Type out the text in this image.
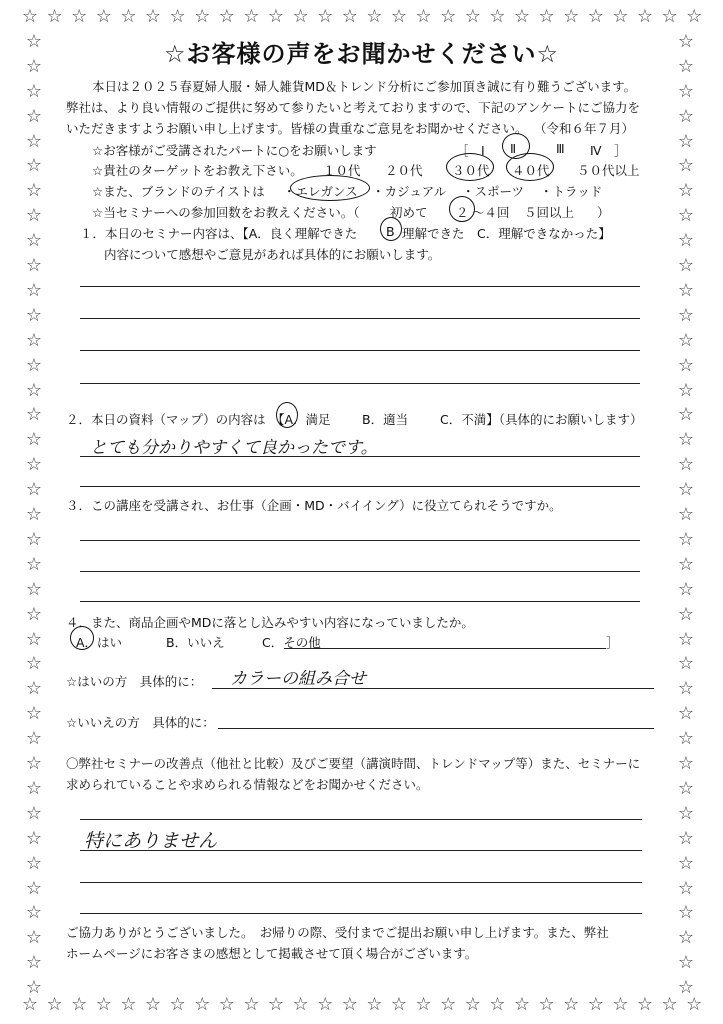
☆
☆
☆
☆
☆
☆
☆
☆
☆
☆
☆
☆
☆
☆
☆
☆
☆
☆
☆
☆
☆
☆
☆
☆
☆
☆
☆
☆
☆
☆
☆
☆
☆
☆
☆
☆
☆
☆
☆
☆
☆
☆
☆
☆
☆
☆
☆
☆
☆
☆
☆
☆
☆
☆
☆
☆
☆	☆
☆	☆
☆	☆
☆	☆
☆	☆
☆	☆
☆	☆
☆	☆
☆	☆
☆	☆
☆	☆
☆	☆
☆	☆
☆	☆
☆	☆
☆	☆
☆	☆
☆	☆
☆	☆
☆	☆
☆	☆
☆	☆
☆	☆
☆	☆
☆	☆
☆	☆
☆	☆
☆	☆
☆	☆
☆	☆
☆	☆
☆	☆
☆	☆
☆	☆
☆	☆
☆	☆
☆	☆
☆	☆
☆	☆
☆お客様の声をお聞かせください☆
本日は２０２５春夏婦人服・婦人雑貨MD＆トレンド分析にご参加頂き誠に有り難うございます。
弊社は、より良い情報のご提供に努めて参りたいと考えておりますので、下記のアンケートにご協力を
いただきますようお願い申し上げます。皆様の貴重なご意見をお聞かせください。 （令和６年７月）
☆お客様がご受講されたパートに○をお願いします	［　Ⅰ Ⅱ	Ⅲ Ⅳ　］
☆貴社のターゲットをお教え下さい。 １０代 ２０代 ３０代 ４０代 ５０代以上
☆また、ブランドのテイストは ・エレガンス ・カジュアル ・スポーツ ・トラッド
☆当セミナーへの参加回数をお教えください。（ 初めて ２ ～４回 ５回以上 ）
１．本日のセミナー内容は、【A．良く理解できた B 理解できた　C．理解できなかった】
内容について感想やご意見があれば具体的にお願いします。
２．本日の資料（マップ）の内容は 【A．満足	B．適当	C．不満】（具体的にお願いします）
とても分かりやすくて良かったです。
３．この講座を受講され、お仕事（企画・MD・バイイング）に役立てられそうですか。
４．また、商品企画やMDに落とし込みやすい内容になっていましたか。
A．はい	B．いいえ	C．その他	］
☆はいの方　具体的に： カラーの組み合せ
☆いいえの方　具体的に：
〇弊社セミナーの改善点（他社と比較）及びご要望（講演時間、トレンドマップ等）また、セミナーに
求められていることや求められる情報などをお聞かせください。
特にありません
ご協力ありがとうございました。　お帰りの際、受付までご提出お願い申し上げます。また、弊社
ホームページにお客さまの感想として掲載させて頂く場合がございます。
